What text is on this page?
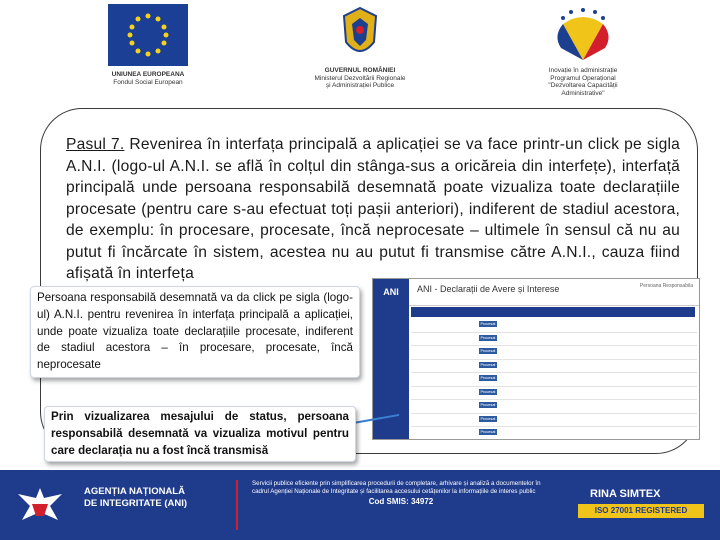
UNIUNEA EUROPEANA
Fondul Social European
GUVERNUL ROMÂNIEI
Ministerul Dezvoltării Regionale
și Administrației Publice
Inovație în administrație
Programul Operațional
"Dezvoltarea Capacității
Administrative"
Pasul 7. Revenirea în interfața principală a aplicației se va face printr-un click pe sigla A.N.I. (logo-ul A.N.I. se află în colțul din stânga-sus a oricăreia din interfețe), interfață principală unde persoana responsabilă desemnată poate vizualiza toate declarațiile procesate (pentru care s-au efectuat toți pașii anteriori), indiferent de stadiul acestora, de exemplu: în procesare, procesate, încă neprocesate – ultimele în sensul că nu au putut fi încărcate în sistem, acestea nu au putut fi transmise către A.N.I., cauza fiind afișată în interfeța
ANI	ANI - Declarații de Avere și Interese	Persoana Responsabila
PROCESARE FORMULARE	CENTRE RUSORE
Procesat
Procesat
Procesat
Procesat
Procesat
Procesat
Procesat
Procesat
Procesat
Persoana responsabilă desemnată va da click pe sigla (logo-ul) A.N.I. pentru revenirea în interfața principală a aplicației, unde poate vizualiza toate declarațiile procesate, indiferent de stadiul acestora – în procesare, procesate, încă neprocesate
Prin vizualizarea mesajului de status, persoana responsabilă desemnată va vizualiza motivul pentru care declarația nu a fost încă transmisă
AGENȚIA NAȚIONALĂ
DE INTEGRITATE (ANI)
Servicii publice eficiente prin simplificarea procedurii de completare, arhivare și analiză a documentelor în cadrul Agenției Naționale de Integritate și facilitarea accesului cetățenilor la informațiile de interes public
Cod SMIS: 34972
RINA SIMTEX
ISO 27001 REGISTERED
